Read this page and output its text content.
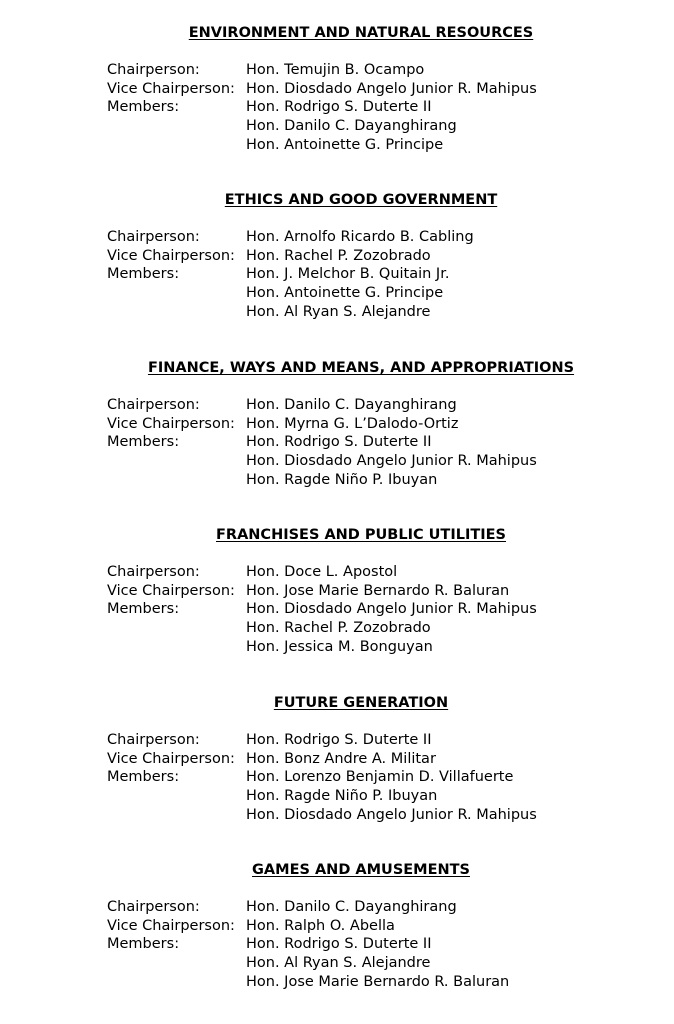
ENVIRONMENT AND NATURAL RESOURCES
Chairperson:	Hon. Temujin B. Ocampo
Vice Chairperson: Hon. Diosdado Angelo Junior R. Mahipus
Members:	Hon. Rodrigo S. Duterte II
Hon. Danilo C. Dayanghirang
Hon. Antoinette G. Principe
ETHICS AND GOOD GOVERNMENT
Chairperson:	Hon. Arnolfo Ricardo B. Cabling
Vice Chairperson: Hon. Rachel P. Zozobrado
Members:	Hon. J. Melchor B. Quitain Jr.
Hon. Antoinette G. Principe
Hon. Al Ryan S. Alejandre
FINANCE, WAYS AND MEANS, AND APPROPRIATIONS
Chairperson:	Hon. Danilo C. Dayanghirang
Vice Chairperson: Hon. Myrna G. L’Dalodo-Ortiz
Members:	Hon. Rodrigo S. Duterte II
Hon. Diosdado Angelo Junior R. Mahipus
Hon. Ragde Niño P. Ibuyan
FRANCHISES AND PUBLIC UTILITIES
Chairperson:	Hon. Doce L. Apostol
Vice Chairperson: Hon. Jose Marie Bernardo R. Baluran
Members:	Hon. Diosdado Angelo Junior R. Mahipus
Hon. Rachel P. Zozobrado
Hon. Jessica M. Bonguyan
FUTURE GENERATION
Chairperson:	Hon. Rodrigo S. Duterte II
Vice Chairperson: Hon. Bonz Andre A. Militar
Members:	Hon. Lorenzo Benjamin D. Villafuerte
Hon. Ragde Niño P. Ibuyan
Hon. Diosdado Angelo Junior R. Mahipus
GAMES AND AMUSEMENTS
Chairperson:	Hon. Danilo C. Dayanghirang
Vice Chairperson: Hon. Ralph O. Abella
Members:	Hon. Rodrigo S. Duterte II
Hon. Al Ryan S. Alejandre
Hon. Jose Marie Bernardo R. Baluran
